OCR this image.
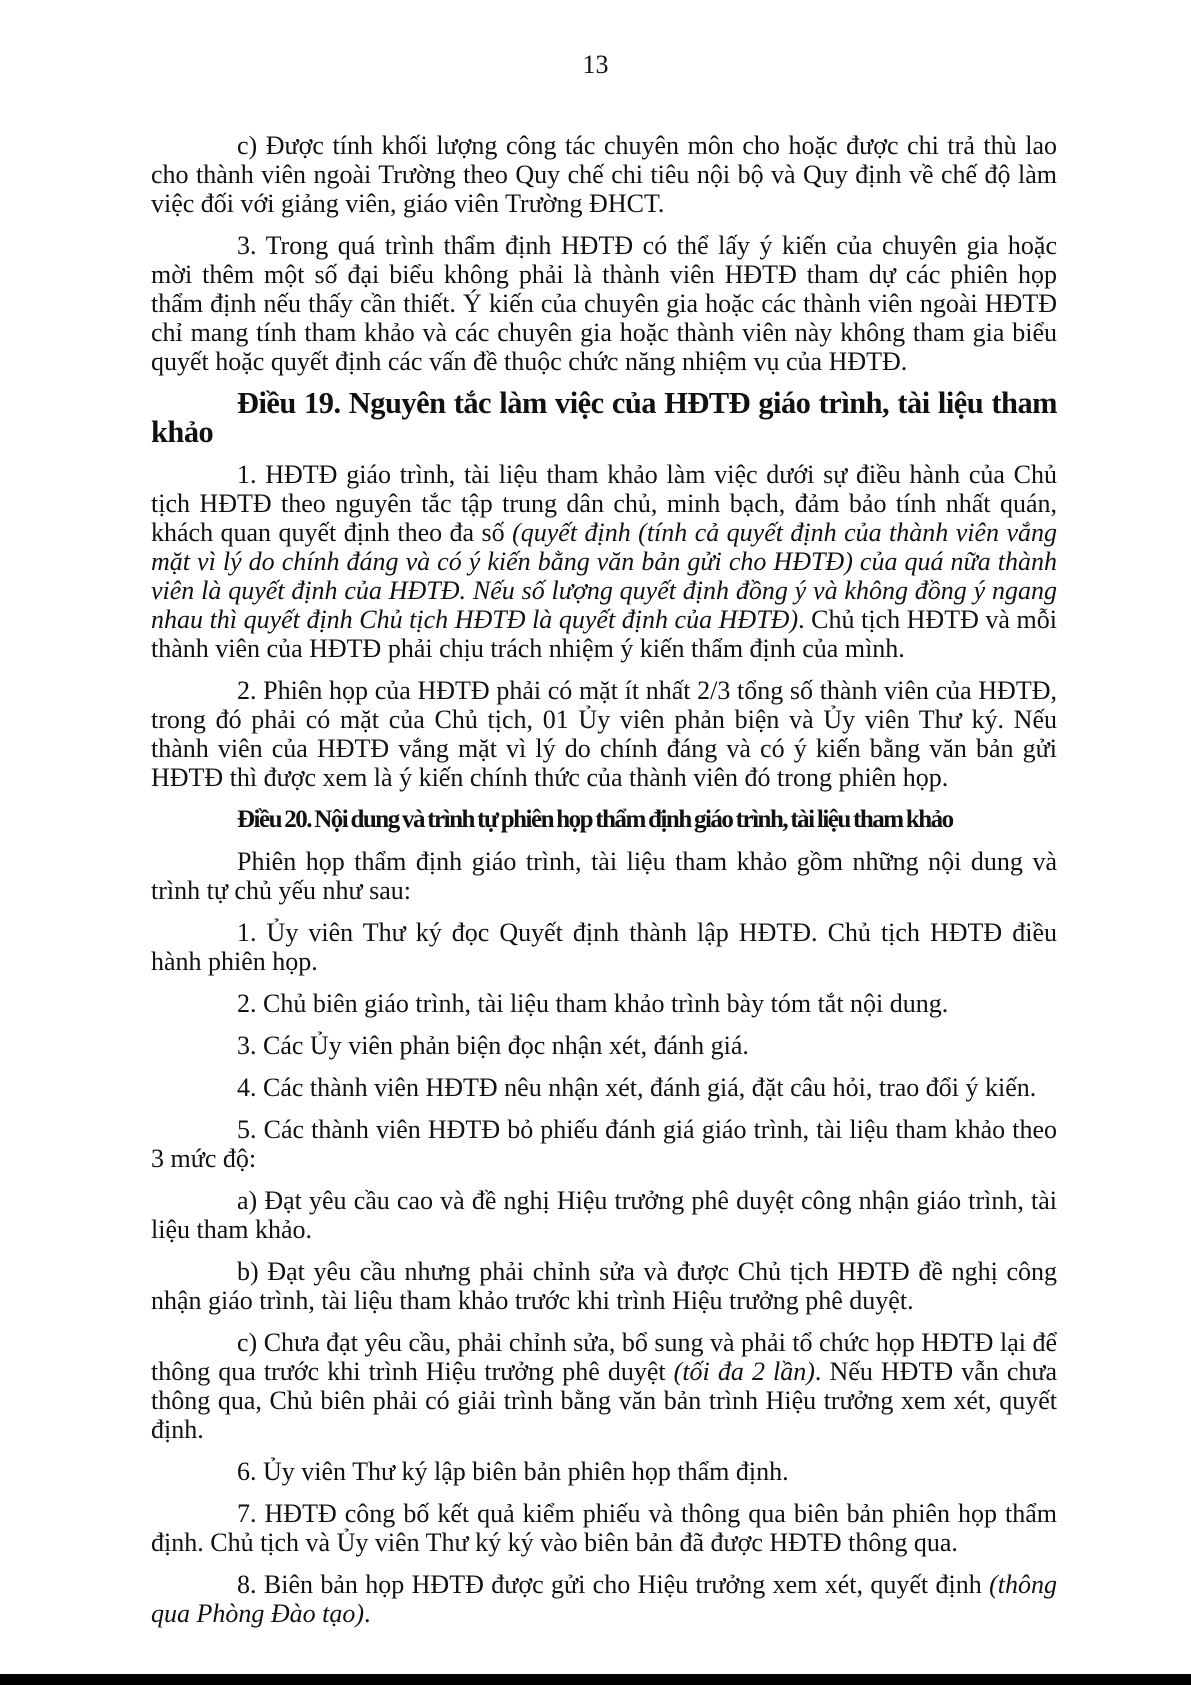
13

c) Được tính khối lượng công tác chuyên môn cho hoặc được chi trả thù lao cho thành viên ngoài Trường theo Quy chế chi tiêu nội bộ và Quy định về chế độ làm việc đối với giảng viên, giáo viên Trường ĐHCT.

3. Trong quá trình thẩm định HĐTĐ có thể lấy ý kiến của chuyên gia hoặc mời thêm một số đại biểu không phải là thành viên HĐTĐ tham dự các phiên họp thẩm định nếu thấy cần thiết. Ý kiến của chuyên gia hoặc các thành viên ngoài HĐTĐ chỉ mang tính tham khảo và các chuyên gia hoặc thành viên này không tham gia biểu quyết hoặc quyết định các vấn đề thuộc chức năng nhiệm vụ của HĐTĐ.

Điều 19. Nguyên tắc làm việc của HĐTĐ giáo trình, tài liệu tham khảo

1. HĐTĐ giáo trình, tài liệu tham khảo làm việc dưới sự điều hành của Chủ tịch HĐTĐ theo nguyên tắc tập trung dân chủ, minh bạch, đảm bảo tính nhất quán, khách quan quyết định theo đa số (quyết định (tính cả quyết định của thành viên vắng mặt vì lý do chính đáng và có ý kiến bằng văn bản gửi cho HĐTĐ) của quá nữa thành viên là quyết định của HĐTĐ. Nếu số lượng quyết định đồng ý và không đồng ý ngang nhau thì quyết định Chủ tịch HĐTĐ là quyết định của HĐTĐ). Chủ tịch HĐTĐ và mỗi thành viên của HĐTĐ phải chịu trách nhiệm ý kiến thẩm định của mình.

2. Phiên họp của HĐTĐ phải có mặt ít nhất 2/3 tổng số thành viên của HĐTĐ, trong đó phải có mặt của Chủ tịch, 01 Ủy viên phản biện và Ủy viên Thư ký. Nếu thành viên của HĐTĐ vắng mặt vì lý do chính đáng và có ý kiến bằng văn bản gửi HĐTĐ thì được xem là ý kiến chính thức của thành viên đó trong phiên họp.

Điều 20. Nội dung và trình tự phiên họp thẩm định giáo trình, tài liệu tham khảo

Phiên họp thẩm định giáo trình, tài liệu tham khảo gồm những nội dung và trình tự chủ yếu như sau:

1. Ủy viên Thư ký đọc Quyết định thành lập HĐTĐ. Chủ tịch HĐTĐ điều hành phiên họp.

2. Chủ biên giáo trình, tài liệu tham khảo trình bày tóm tắt nội dung.

3. Các Ủy viên phản biện đọc nhận xét, đánh giá.

4. Các thành viên HĐTĐ nêu nhận xét, đánh giá, đặt câu hỏi, trao đổi ý kiến.

5. Các thành viên HĐTĐ bỏ phiếu đánh giá giáo trình, tài liệu tham khảo theo 3 mức độ:

a) Đạt yêu cầu cao và đề nghị Hiệu trưởng phê duyệt công nhận giáo trình, tài liệu tham khảo.

b) Đạt yêu cầu nhưng phải chỉnh sửa và được Chủ tịch HĐTĐ đề nghị công nhận giáo trình, tài liệu tham khảo trước khi trình Hiệu trưởng phê duyệt.

c) Chưa đạt yêu cầu, phải chỉnh sửa, bổ sung và phải tổ chức họp HĐTĐ lại để thông qua trước khi trình Hiệu trưởng phê duyệt (tối đa 2 lần). Nếu HĐTĐ vẫn chưa thông qua, Chủ biên phải có giải trình bằng văn bản trình Hiệu trưởng xem xét, quyết định.

6. Ủy viên Thư ký lập biên bản phiên họp thẩm định.

7. HĐTĐ công bố kết quả kiểm phiếu và thông qua biên bản phiên họp thẩm định. Chủ tịch và Ủy viên Thư ký ký vào biên bản đã được HĐTĐ thông qua.

8. Biên bản họp HĐTĐ được gửi cho Hiệu trưởng xem xét, quyết định (thông qua Phòng Đào tạo).
